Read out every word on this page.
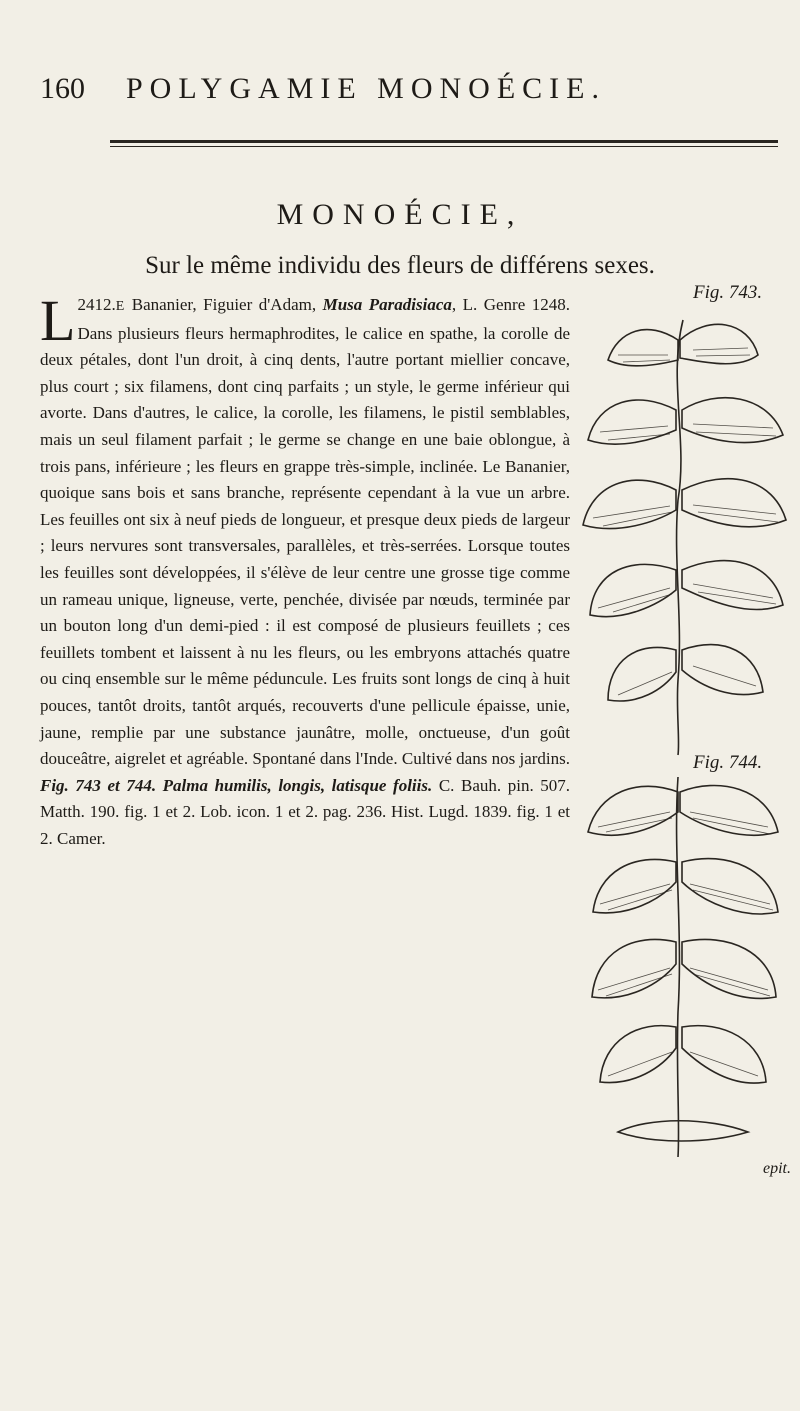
160 POLYGAMIE MONOÉCIE.
MONOÉCIE,
Sur le même individu des fleurs de différens sexes.

2412.
L	E Bananier, Figuier d'Adam, Musa Paradisiaca, L. Genre 1248. Dans plusieurs fleurs hermaphrodites, le calice en spathe, la corolle de deux pétales, dont l'un droit, à cinq dents, l'autre portant miellier concave, plus court ; six filamens, dont cinq parfaits ; un style, le germe inférieur qui avorte. Dans d'autres, le calice, la corolle, les filamens, le pistil semblables, mais un seul filament parfait ; le germe se change en une baie oblongue, à trois pans, inférieure ; les fleurs en grappe très-simple, inclinée. Le Bananier, quoique sans bois et sans branche, représente cependant à la vue un arbre. Les feuilles ont six à neuf pieds de longueur, et presque deux pieds de largeur ; leurs nervures sont transversales, parallèles, et très-serrées. Lorsque toutes les feuilles sont développées, il s'élève de leur centre une grosse tige comme un rameau unique, ligneuse, verte, penchée, divisée par nœuds, terminée par un bouton long d'un demi-pied : il est composé de plusieurs feuillets ; ces feuillets tombent et laissent à nu les fleurs, ou les embryons attachés quatre ou cinq ensemble sur le même péduncule. Les fruits sont longs de cinq à huit pouces, tantôt droits, tantôt arqués, recouverts d'une pellicule épaisse, unie, jaune, remplie par une substance jaunâtre, molle, onctueuse, d'un goût douceâtre, aigrelet et agréable. Spontané dans l'Inde. Cultivé dans nos jardins. Fig. 743 et 744. Palma humilis, longis, latisque foliis. C. Bauh. pin. 507. Matth. 190. fig. 1 et 2. Lob. icon. 1 et 2. pag. 236. Hist. Lugd. 1839. fig. 1 et 2. Camer.

Fig. 743.
Fig. 744.
epit.
